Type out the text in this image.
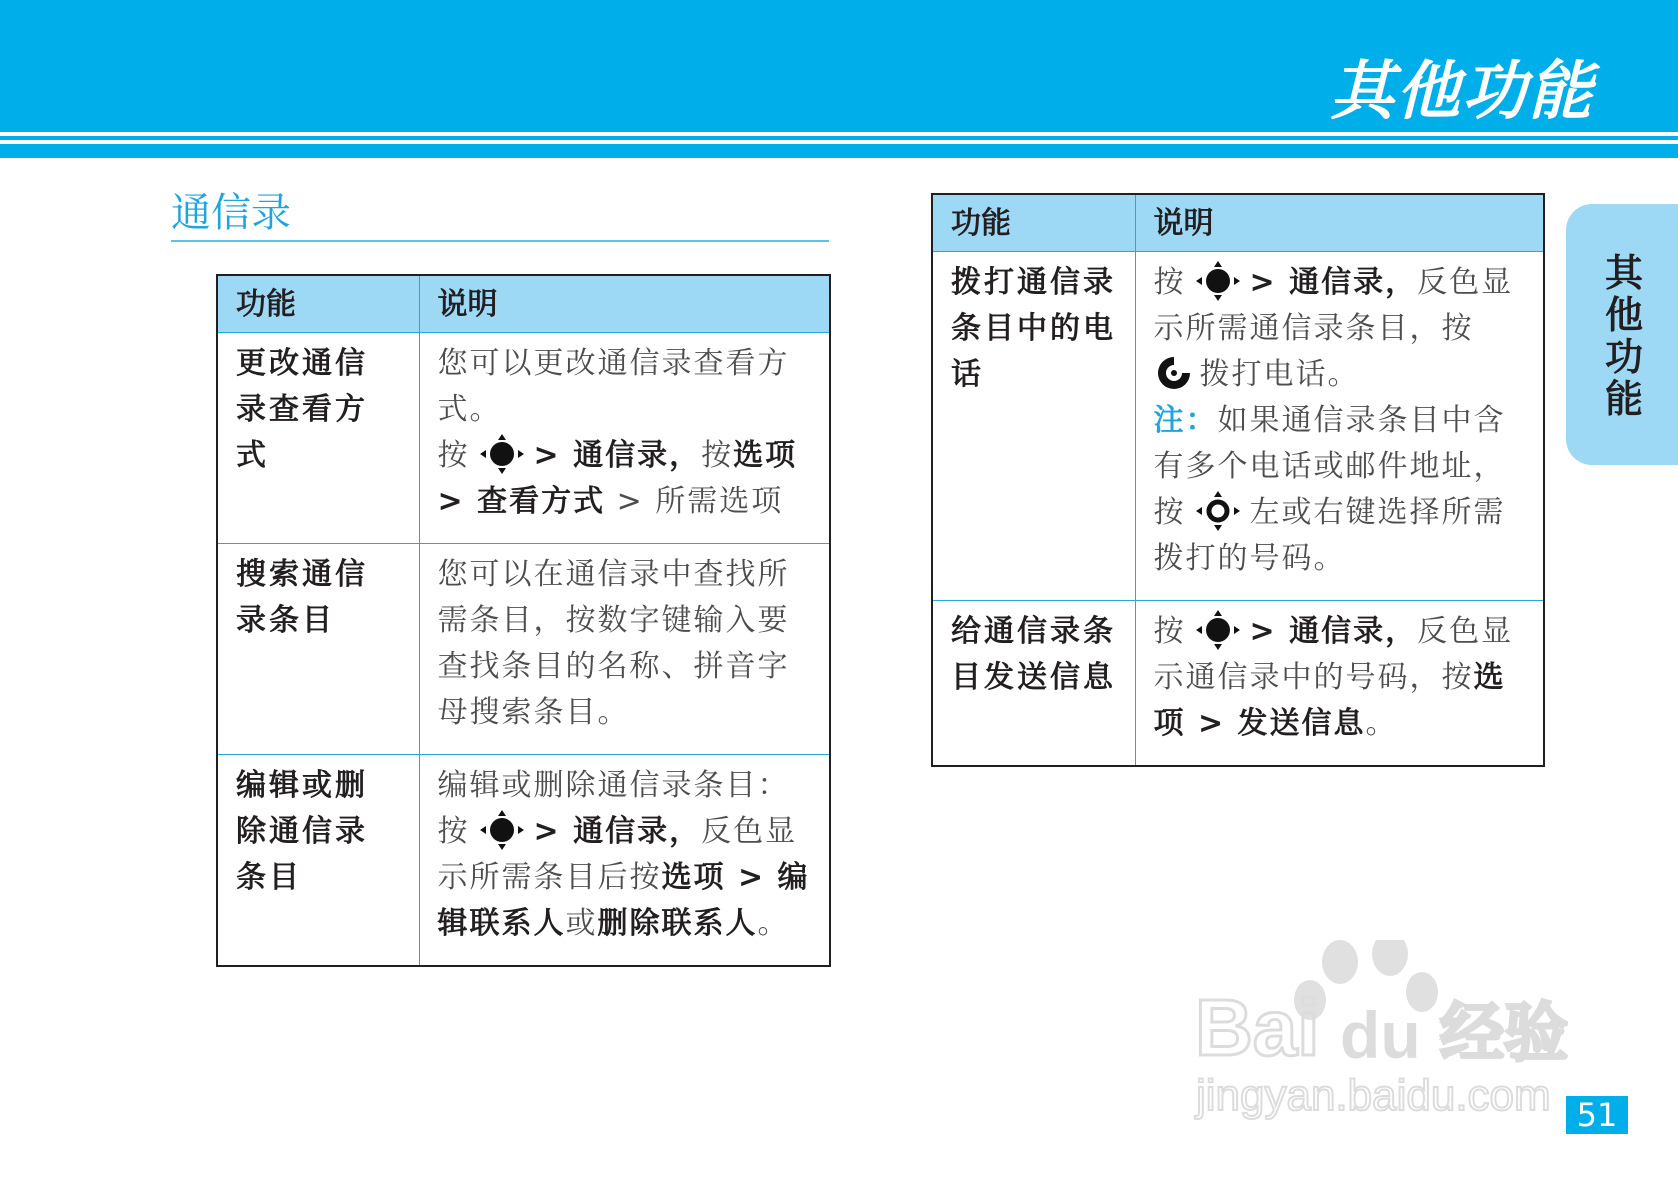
其他功能
通信录
功能	说明
更改通信录查看方式	您可以更改通信录查看方式。
按 > 通信录，按选项
> 查看方式 > 所需选项
搜索通信录条目	您可以在通信录中查找所需条目，按数字键输入要查找条目的名称、拼音字母搜索条目。
编辑或删除通信录条目	编辑或删除通信录条目：
按 > 通信录，反色显示所需条目后按选项 > 编辑联系人或删除联系人。
功能	说明
拨打通信录条目中的电话	按 > 通信录，反色显示所需通信录条目，按
拨打电话。
注：如果通信录条目中含有多个电话或邮件地址，按 左或右键选择所需拨打的号码。
给通信录条目发送信息	按 > 通信录，反色显示通信录中的号码，按选项 > 发送信息。
其他功能
Bai du 经验
jingyan.baidu.com 51
